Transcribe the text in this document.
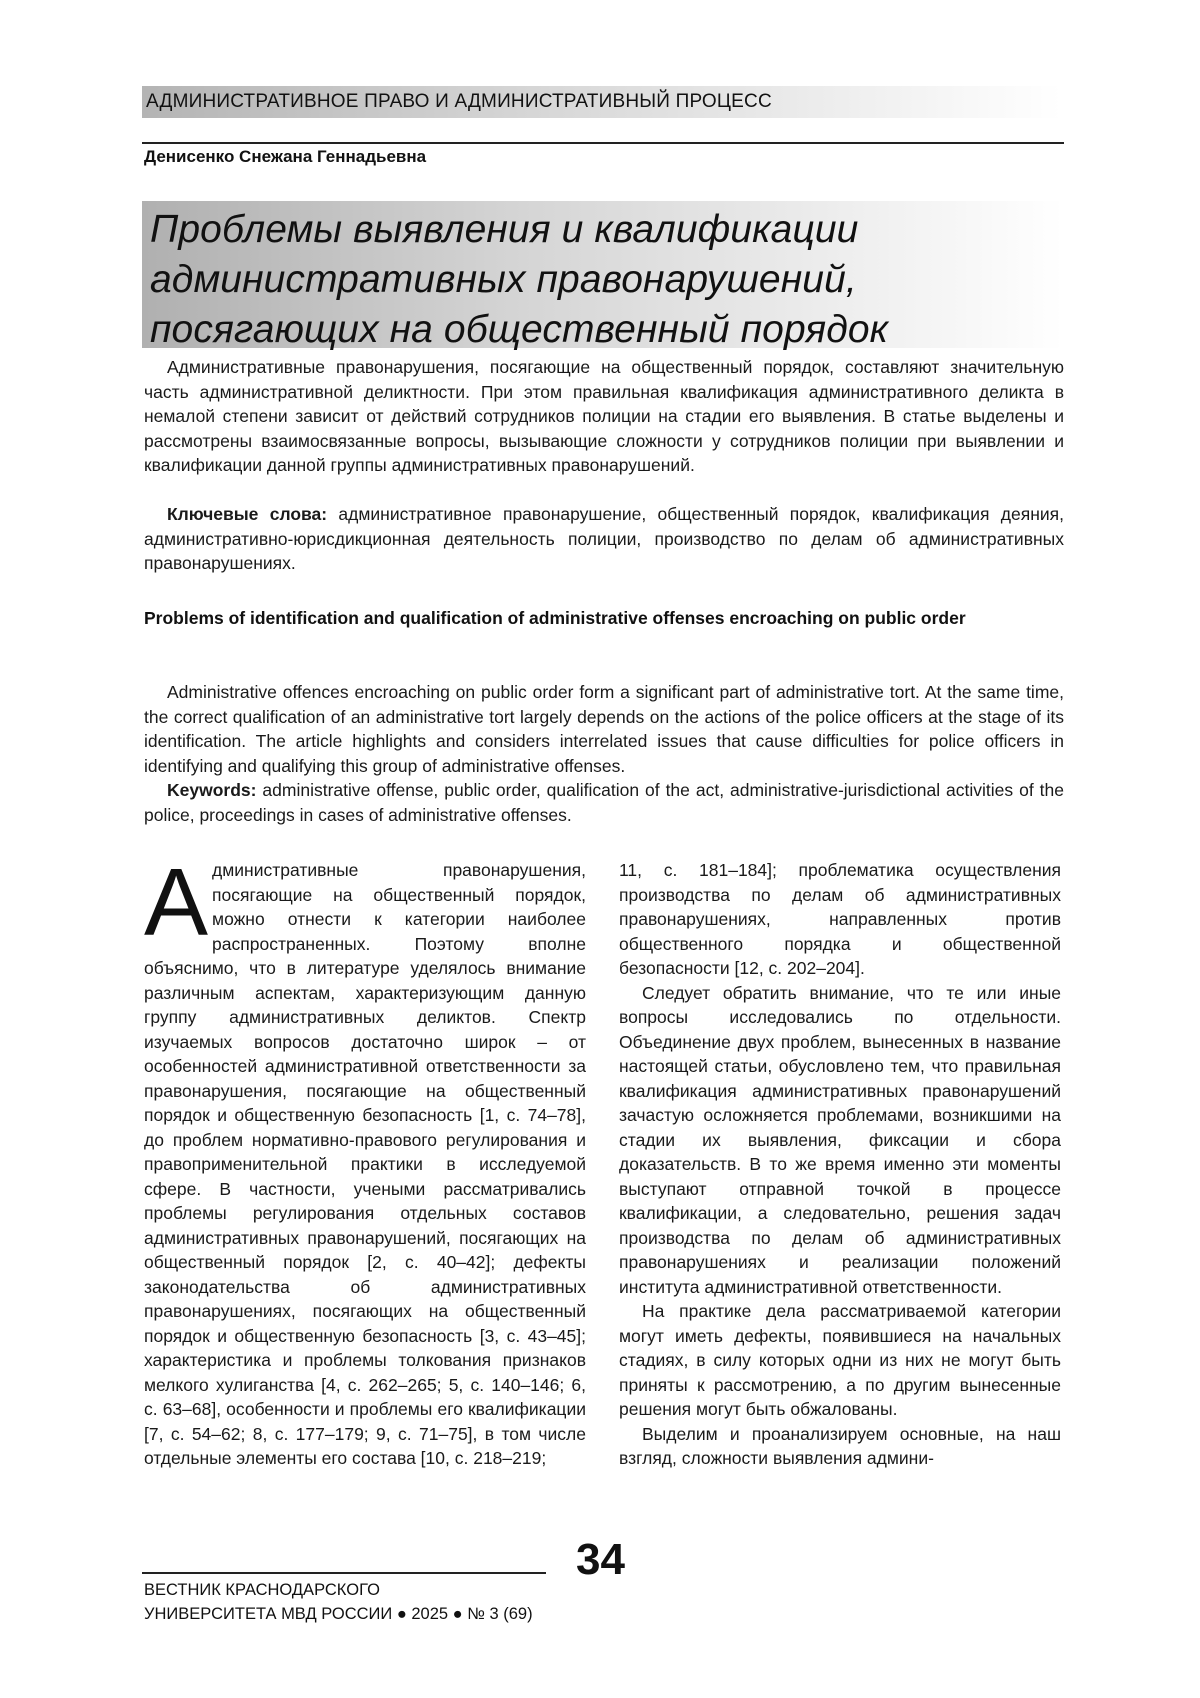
АДМИНИСТРАТИВНОЕ ПРАВО И АДМИНИСТРАТИВНЫЙ ПРОЦЕСС
Денисенко Снежана Геннадьевна
Проблемы выявления и квалификации
административных правонарушений,
посягающих на общественный порядок

Административные правонарушения, посягающие на общественный порядок, составляют значительную часть административной деликтности. При этом правильная квалификация административного деликта в немалой степени зависит от действий сотрудников полиции на стадии его выявления. В статье выделены и рассмотрены взаимосвязанные вопросы, вызывающие сложности у сотрудников полиции при выявлении и квалификации данной группы административных правонарушений.

Ключевые слова: административное правонарушение, общественный порядок, квалификация деяния, административно-юрисдикционная деятельность полиции, производство по делам об административных правонарушениях.

Problems of identification and qualification of administrative offenses encroaching on public order

Administrative offences encroaching on public order form a significant part of administrative tort. At the same time, the correct qualification of an administrative tort largely depends on the actions of the police officers at the stage of its identification. The article highlights and considers interrelated issues that cause difficulties for police officers in identifying and qualifying this group of administrative offenses.

Keywords: administrative offense, public order, qualification of the act, administrative-jurisdictional activities of the police, proceedings in cases of administrative offenses.

Административные правонарушения, посягающие на общественный порядок, можно отнести к категории наиболее распространенных. Поэтому вполне объяснимо, что в литературе уделялось внимание различным аспектам, характеризующим данную группу административных деликтов. Спектр изучаемых вопросов достаточно широк – от особенностей административной ответственности за правонарушения, посягающие на общественный порядок и общественную безопасность [1, с. 74–78], до проблем нормативно-правового регулирования и правоприменительной практики в исследуемой сфере. В частности, учеными рассматривались проблемы регулирования отдельных составов административных правонарушений, посягающих на общественный порядок [2, с. 40–42]; дефекты законодательства об административных правонарушениях, посягающих на общественный порядок и общественную безопасность [3, с. 43–45]; характеристика и проблемы толкования признаков мелкого хулиганства [4, с. 262–265; 5, с. 140–146; 6, с. 63–68], особенности и проблемы его квалификации [7, с. 54–62; 8, с. 177–179; 9, с. 71–75], в том числе отдельные элементы его состава [10, с. 218–219;

11, с. 181–184]; проблематика осуществления производства по делам об административных правонарушениях, направленных против общественного порядка и общественной безопасности [12, с. 202–204].

Следует обратить внимание, что те или иные вопросы исследовались по отдельности. Объединение двух проблем, вынесенных в название настоящей статьи, обусловлено тем, что правильная квалификация административных правонарушений зачастую осложняется проблемами, возникшими на стадии их выявления, фиксации и сбора доказательств. В то же время именно эти моменты выступают отправной точкой в процессе квалификации, а следовательно, решения задач производства по делам об административных правонарушениях и реализации положений института административной ответственности.

На практике дела рассматриваемой категории могут иметь дефекты, появившиеся на начальных стадиях, в силу которых одни из них не могут быть приняты к рассмотрению, а по другим вынесенные решения могут быть обжалованы.

Выделим и проанализируем основные, на наш взгляд, сложности выявления админи-

34
ВЕСТНИК КРАСНОДАРСКОГО
УНИВЕРСИТЕТА МВД РОССИИ ● 2025 ● № 3 (69)
